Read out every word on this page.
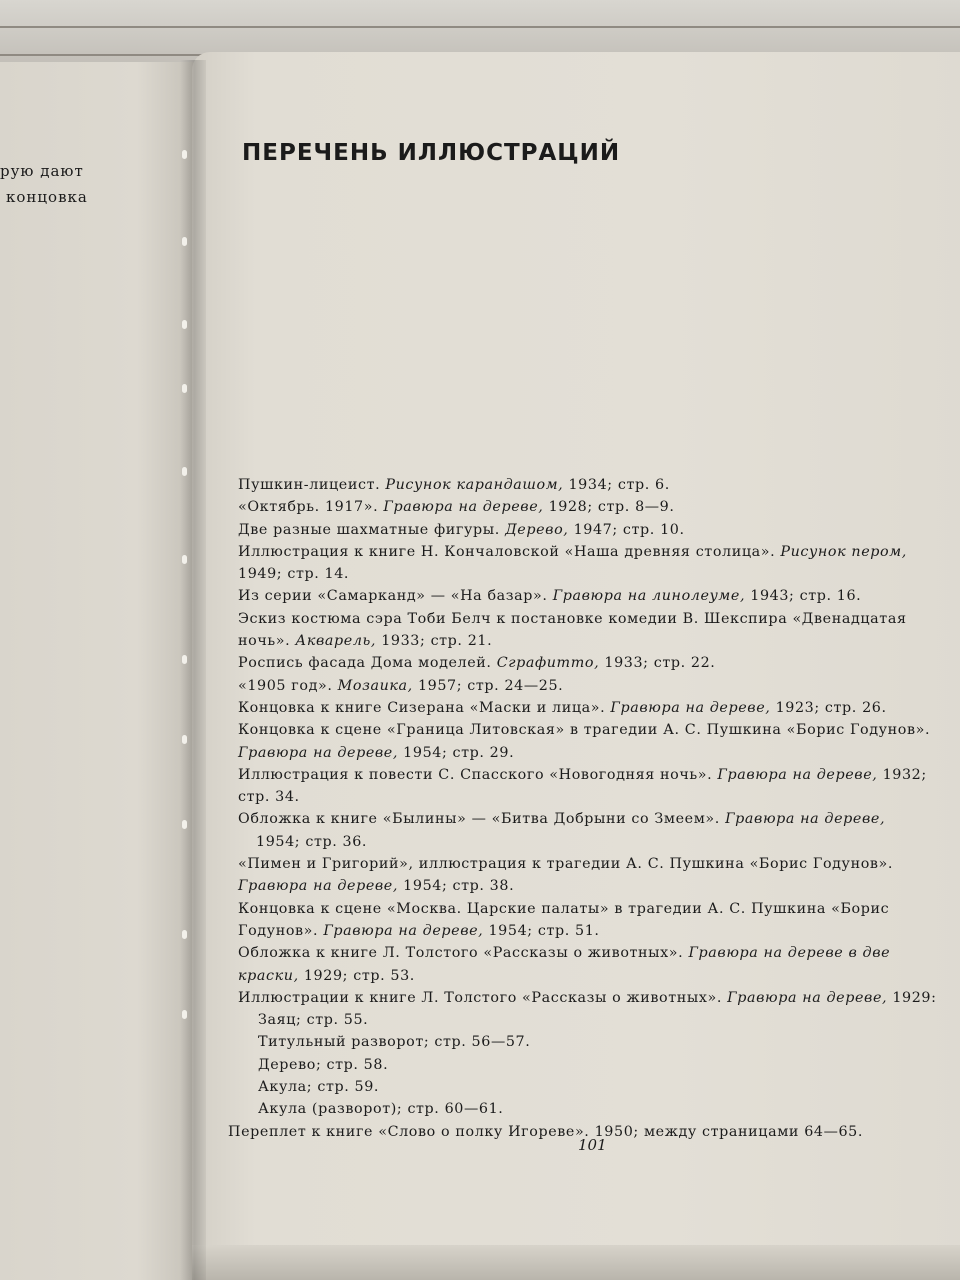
рую дают
концовка
ПЕРЕЧЕНЬ ИЛЛЮСТРАЦИЙ

Пушкин-лицеист. Рисунок карандашом, 1934; стр. 6.

«Октябрь. 1917». Гравюра на дереве, 1928; стр. 8—9.

Две разные шахматные фигуры. Дерево, 1947; стр. 10.

Иллюстрация к книге Н. Кончаловской «Наша древняя столица». Рисунок пером,

1949; стр. 14.

Из серии «Самарканд» — «На базар». Гравюра на линолеуме, 1943; стр. 16.

Эскиз костюма сэра Тоби Белч к постановке комедии В. Шекспира «Двенадцатая

ночь». Акварель, 1933; стр. 21.

Роспись фасада Дома моделей. Сграфитто, 1933; стр. 22.

«1905 год». Мозаика, 1957; стр. 24—25.

Концовка к книге Сизерана «Маски и лица». Гравюра на дереве, 1923; стр. 26.

Концовка к сцене «Граница Литовская» в трагедии А. С. Пушкина «Борис Годунов».

Гравюра на дереве, 1954; стр. 29.

Иллюстрация к повести С. Спасского «Новогодняя ночь». Гравюра на дереве, 1932;

стр. 34.

Обложка к книге «Былины» — «Битва Добрыни со Змеем». Гравюра на дереве,

1954; стр. 36.

«Пимен и Григорий», иллюстрация к трагедии А. С. Пушкина «Борис Годунов».

Гравюра на дереве, 1954; стр. 38.

Концовка к сцене «Москва. Царские палаты» в трагедии А. С. Пушкина «Борис

Годунов». Гравюра на дереве, 1954; стр. 51.

Обложка к книге Л. Толстого «Рассказы о животных». Гравюра на дереве в две

краски, 1929; стр. 53.

Иллюстрации к книге Л. Толстого «Рассказы о животных». Гравюра на дереве, 1929:

Заяц; стр. 55.

Титульный разворот; стр. 56—57.

Дерево; стр. 58.

Акула; стр. 59.

Акула (разворот); стр. 60—61.

Переплет к книге «Слово о полку Игореве». 1950; между страницами 64—65.

101
